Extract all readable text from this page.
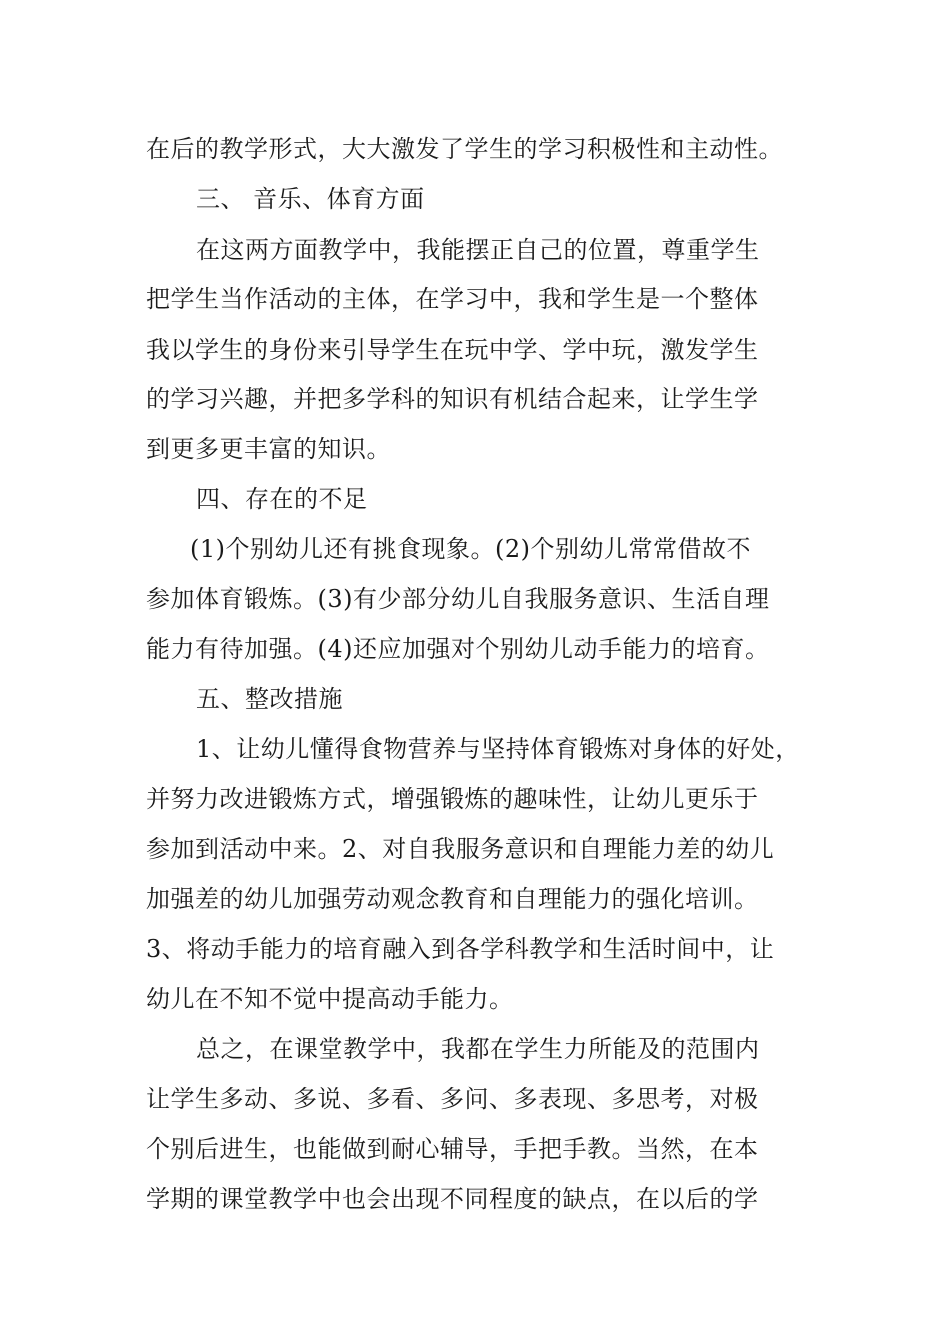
在后的教学形式，大大激发了学生的学习积极性和主动性。
三、 音乐、体育方面
在这两方面教学中，我能摆正自己的位置，尊重学生
把学生当作活动的主体，在学习中，我和学生是一个整体
我以学生的身份来引导学生在玩中学、学中玩，激发学生
的学习兴趣，并把多学科的知识有机结合起来，让学生学
到更多更丰富的知识。
四、存在的不足
(1)个别幼儿还有挑食现象。(2)个别幼儿常常借故不
参加体育锻炼。(3)有少部分幼儿自我服务意识、生活自理
能力有待加强。(4)还应加强对个别幼儿动手能力的培育。
五、整改措施
1、让幼儿懂得食物营养与坚持体育锻炼对身体的好处，
并努力改进锻炼方式，增强锻炼的趣味性，让幼儿更乐于
参加到活动中来。2、对自我服务意识和自理能力差的幼儿
加强差的幼儿加强劳动观念教育和自理能力的强化培训。
3、将动手能力的培育融入到各学科教学和生活时间中，让
幼儿在不知不觉中提高动手能力。
总之，在课堂教学中，我都在学生力所能及的范围内
让学生多动、多说、多看、多问、多表现、多思考，对极
个别后进生，也能做到耐心辅导，手把手教。当然，在本
学期的课堂教学中也会出现不同程度的缺点，在以后的学
